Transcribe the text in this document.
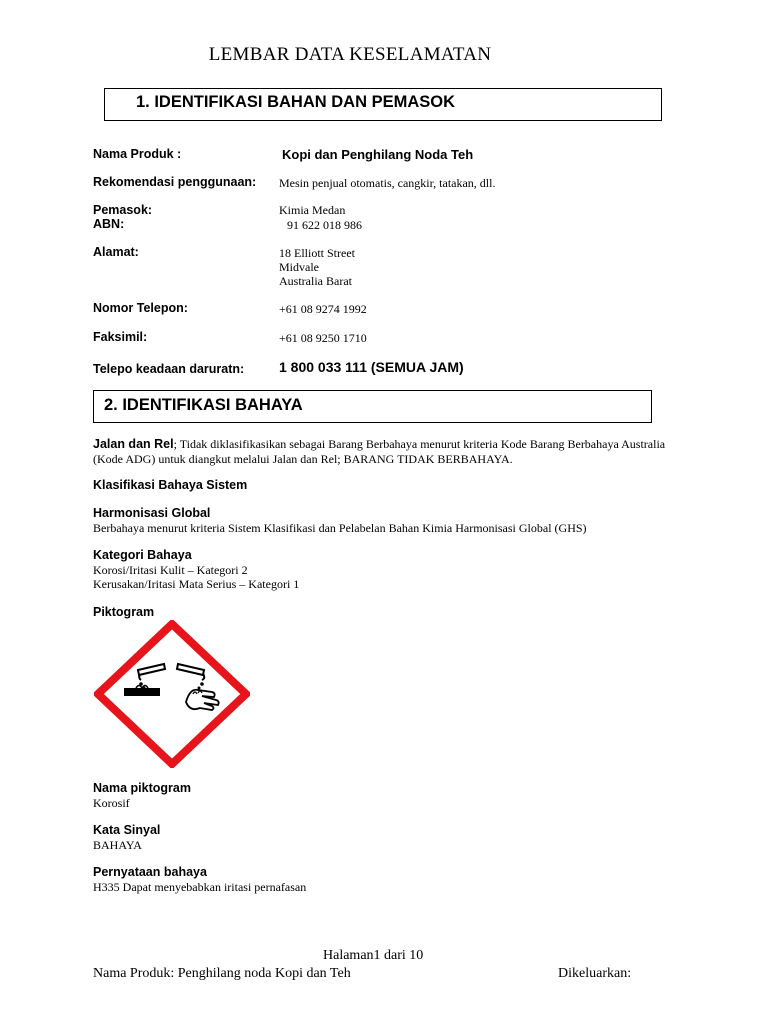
LEMBAR DATA KESELAMATAN
1. IDENTIFIKASI BAHAN DAN PEMASOK
Nama Produk :	Kopi dan Penghilang Noda Teh
Rekomendasi penggunaan: Mesin penjual otomatis, cangkir, tatakan, dll.
Pemasok:	Kimia Medan
ABN:	91 622 018 986
Alamat:	18 Elliott Street
Midvale
Australia Barat
Nomor Telepon:	+61 08 9274 1992
Faksimil:	+61 08 9250 1710
Telepo keadaan daruratn: 1 800 033 111 (SEMUA JAM)
2. IDENTIFIKASI BAHAYA
Jalan dan Rel; Tidak diklasifikasikan sebagai Barang Berbahaya menurut kriteria Kode Barang Berbahaya Australia (Kode ADG) untuk diangkut melalui Jalan dan Rel; BARANG TIDAK BERBAHAYA.
Klasifikasi Bahaya Sistem
Harmonisasi Global
Berbahaya menurut kriteria Sistem Klasifikasi dan Pelabelan Bahan Kimia Harmonisasi Global (GHS)
Kategori Bahaya
Korosi/Iritasi Kulit – Kategori 2
Kerusakan/Iritasi Mata Serius – Kategori 1
Piktogram
Nama piktogram
Korosif
Kata Sinyal
BAHAYA
Pernyataan bahaya
H335 Dapat menyebabkan iritasi pernafasan
Halaman1 dari 10
Nama Produk: Penghilang noda Kopi dan Teh	Dikeluarkan:
